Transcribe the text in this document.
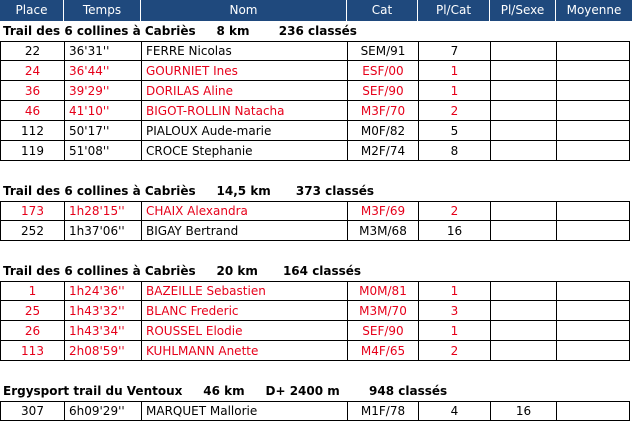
Place	Temps	Nom	Cat	Pl/Cat	Pl/Sexe	Moyenne
Trail des 6 collines à Cabriès     8 km       236 classés
22	36'31''	FERRE Nicolas	SEM/91	7
24	36'44''	GOURNIET Ines	ESF/00	1
36	39'29''	DORILAS Aline	SEF/90	1
46	41'10''	BIGOT-ROLLIN Natacha	M3F/70	2
112	50'17''	PIALOUX Aude-marie	M0F/82	5
119	51'08''	CROCE Stephanie	M2F/74	8
Trail des 6 collines à Cabriès     14,5 km      373 classés
173	1h28'15''	CHAIX Alexandra	M3F/69	2
252	1h37'06''	BIGAY Bertrand	M3M/68	16
Trail des 6 collines à Cabriès     20 km      164 classés
1	1h24'36''	BAZEILLE Sebastien	M0M/81	1
25	1h43'32''	BLANC Frederic	M3M/70	3
26	1h43'34''	ROUSSEL Elodie	SEF/90	1
113	2h08'59''	KUHLMANN Anette	M4F/65	2
Ergysport trail du Ventoux     46 km     D+ 2400 m       948 classés
307	6h09'29''	MARQUET Mallorie	M1F/78	4	16
